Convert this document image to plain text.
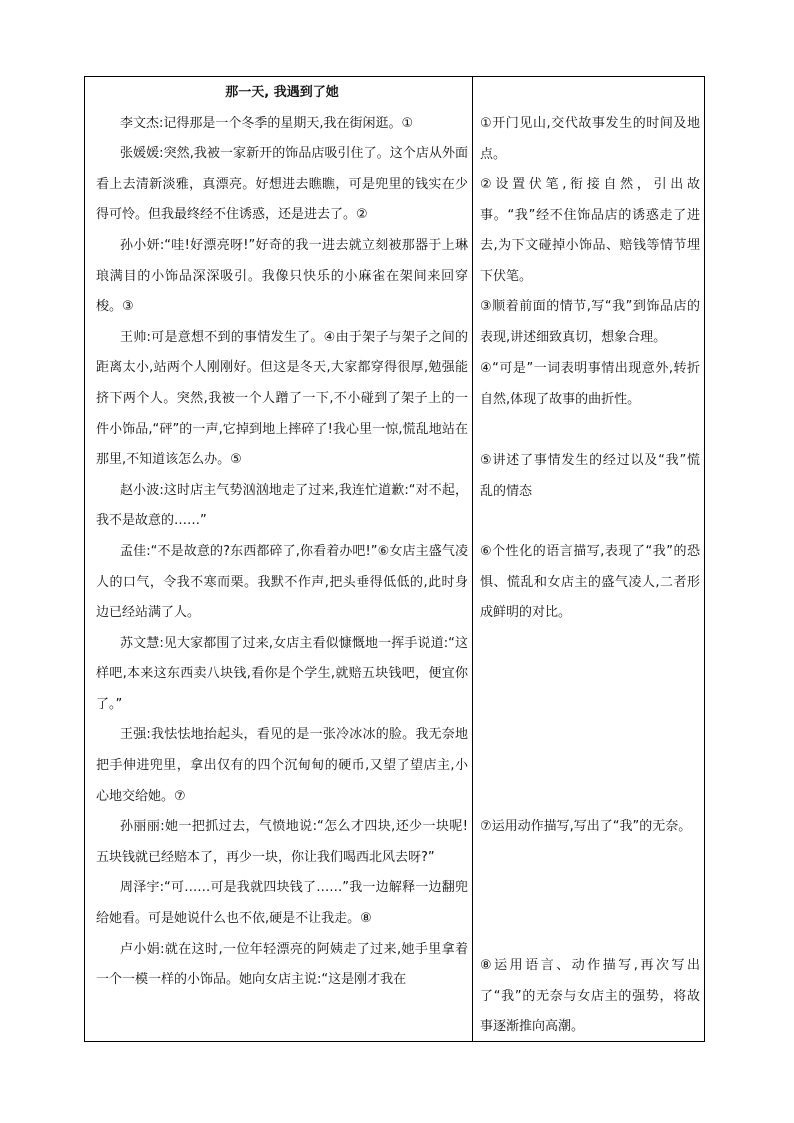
那一天, 我遇到了她
李文杰:记得那是一个冬季的星期天,我在街闲逛。①
张媛媛:突然,我被一家新开的饰品店吸引住了。这个店从外面看上去清新淡雅，真漂亮。好想进去瞧瞧，可是兜里的钱实在少得可怜。但我最终经不住诱惑，还是进去了。②
孙小妍:“哇!好漂亮呀!”好奇的我一进去就立刻被那器于上琳琅满目的小饰品深深吸引。我像只快乐的小麻雀在架间来回穿梭。③
王帅:可是意想不到的事情发生了。④由于架子与架子之间的距离太小,站两个人刚刚好。但这是冬天,大家都穿得很厚,勉强能挤下两个人。突然,我被一个人蹭了一下,不小碰到了架子上的一件小饰品,“砰”的一声,它掉到地上摔碎了!我心里一惊,慌乱地站在那里,不知道该怎么办。⑤
赵小波:这时店主气势汹汹地走了过来,我连忙道歉:“对不起，我不是故意的……”
孟佳:“不是故意的?东西都碎了,你看着办吧!”⑥女店主盛气凌人的口气，令我不寒而栗。我默不作声,把头垂得低低的,此时身边已经站满了人。
苏文慧:见大家都围了过来,女店主看似慷慨地一挥手说道:“这样吧,本来这东西卖八块钱,看你是个学生,就赔五块钱吧，便宜你了。”
王强:我怯怯地抬起头，看见的是一张冷冰冰的脸。我无奈地把手伸进兜里，拿出仅有的四个沉甸甸的硬币,又望了望店主,小心地交给她。⑦
孙丽丽:她一把抓过去，气愤地说:“怎么才四块,还少一块呢!五块钱就已经赔本了，再少一块，你让我们喝西北风去呀?”
周泽宇:“可……可是我就四块钱了……”我一边解释一边翻兜给她看。可是她说什么也不依,硬是不让我走。⑧
卢小娟:就在这时,一位年轻漂亮的阿姨走了过来,她手里拿着一个一模一样的小饰品。她向女店主说:“这是刚才我在
①开门见山,交代故事发生的时间及地点。
②设置伏笔,衔接自然，引出故事。“我”经不住饰品店的诱惑走了进去,为下文碰掉小饰品、赔钱等情节埋下伏笔。
③顺着前面的情节,写“我”到饰品店的表现,讲述细致真切，想象合理。
④“可是”一词表明事情出现意外,转折自然,体现了故事的曲折性。
⑤讲述了事情发生的经过以及“我”慌乱的情态
⑥个性化的语言描写,表现了“我”的恐惧、慌乱和女店主的盛气凌人,二者形成鲜明的对比。
⑦运用动作描写,写出了“我”的无奈。
⑧运用语言、动作描写,再次写出了“我”的无奈与女店主的强势，将故事逐渐推向高潮。
